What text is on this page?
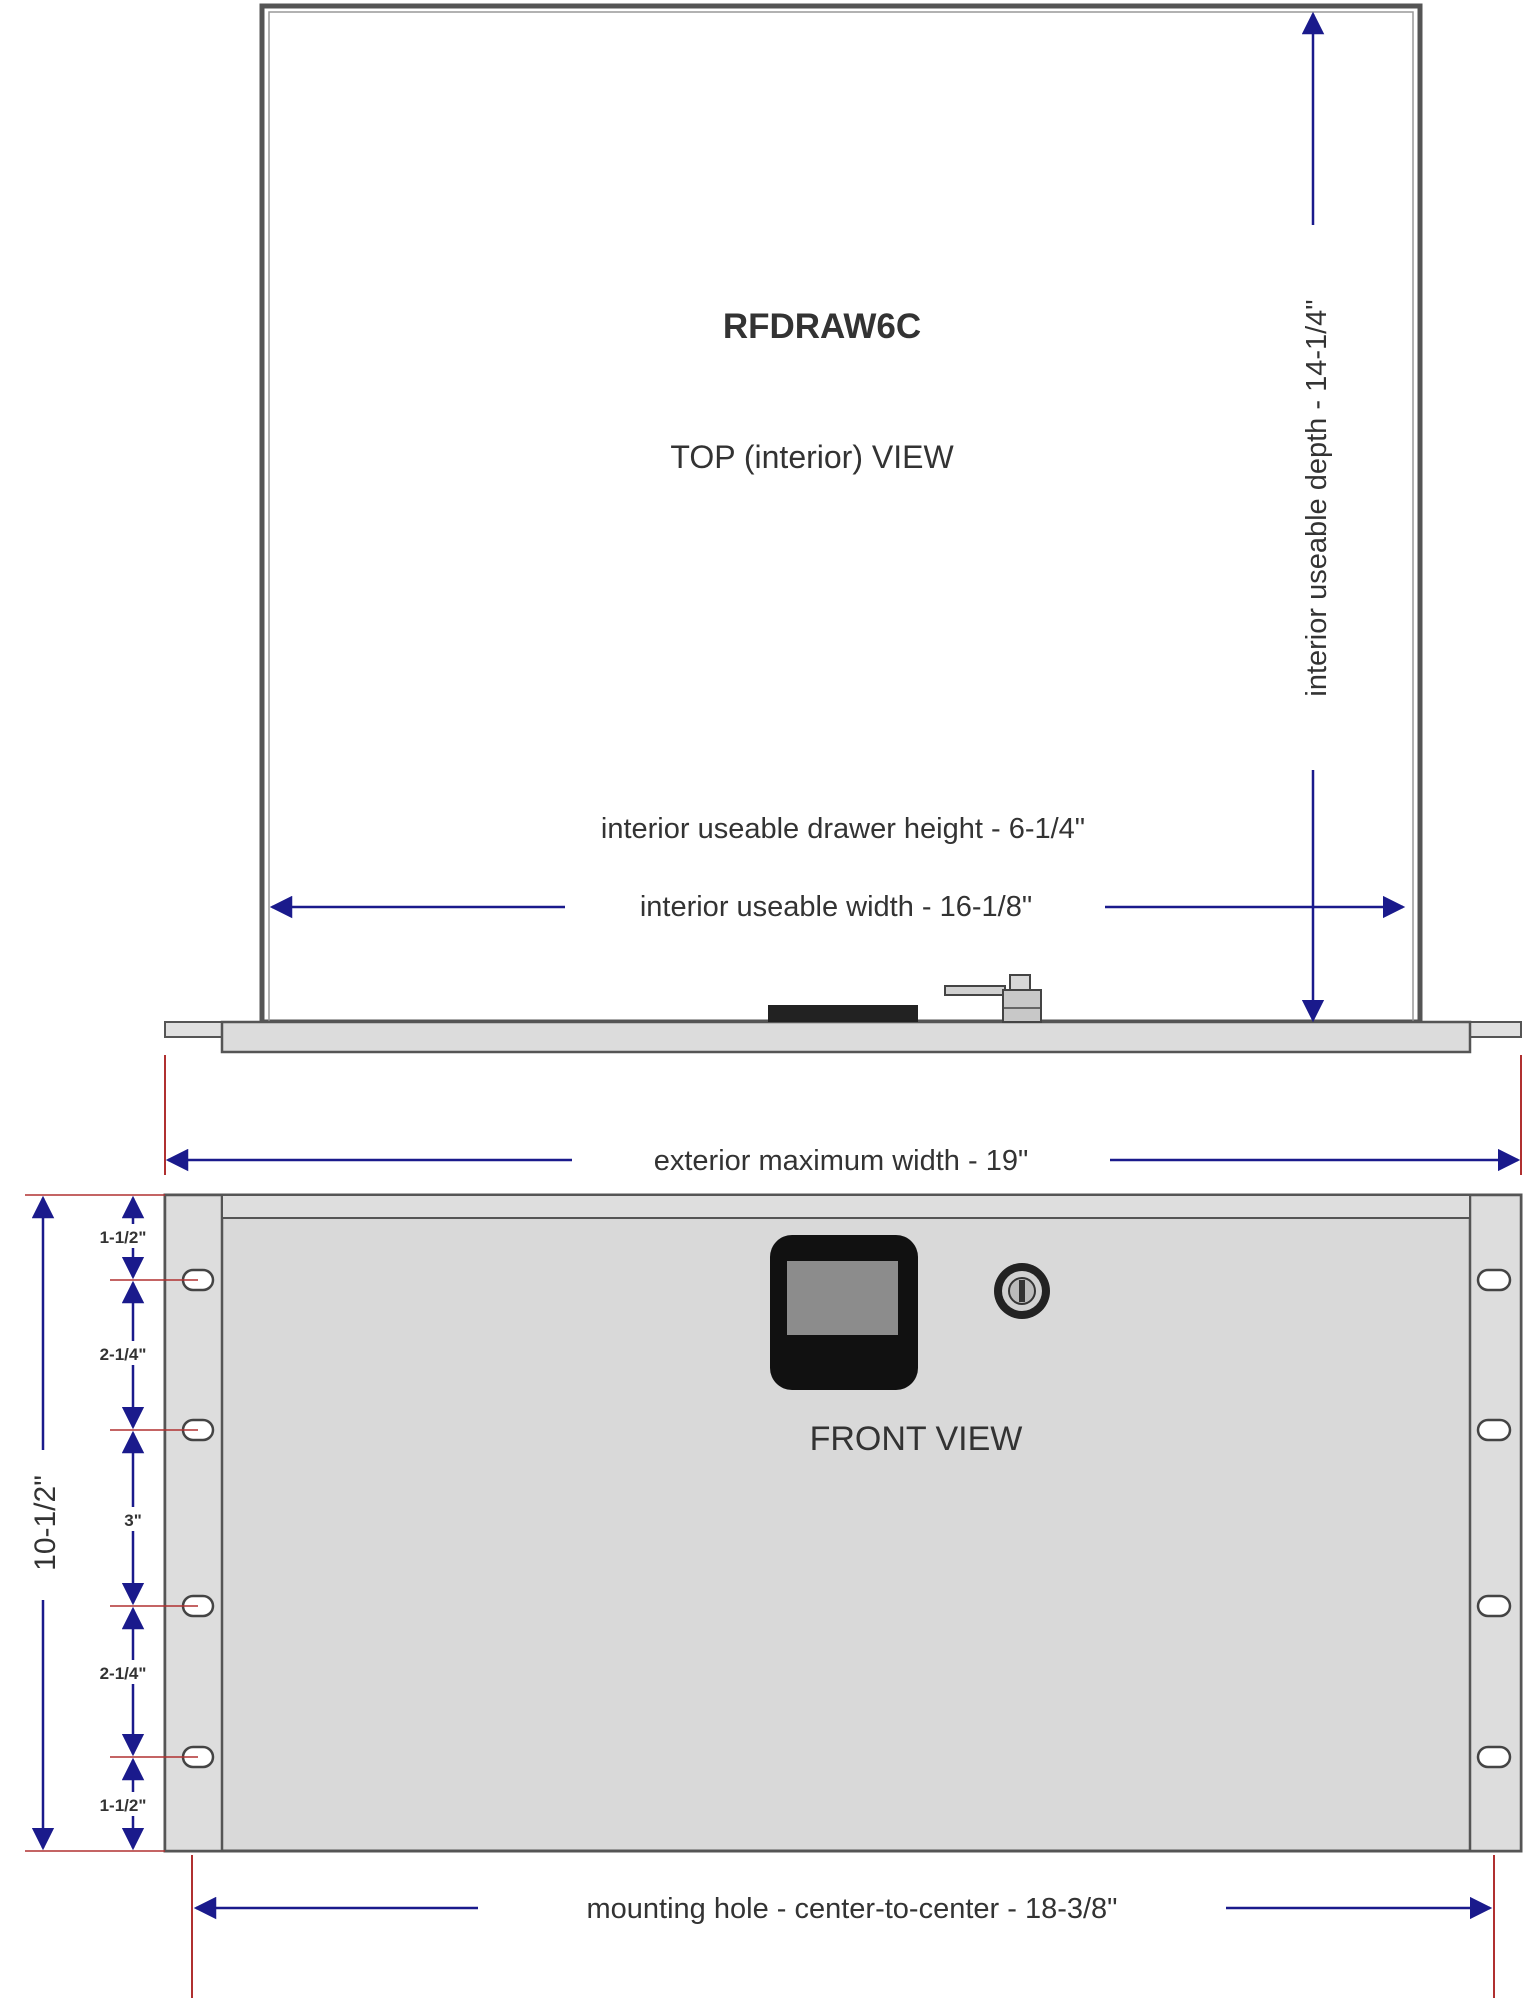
RFDRAW6C
TOP (interior) VIEW	interior useable depth - 14-1/4"
interior useable drawer height - 6-1/4"
interior useable width - 16-1/8"
exterior maximum width - 19"
FRONT VIEW
10-1/2"
1-1/2"
2-1/4"
3"
2-1/4"
1-1/2"
mounting hole - center-to-center - 18-3/8"
